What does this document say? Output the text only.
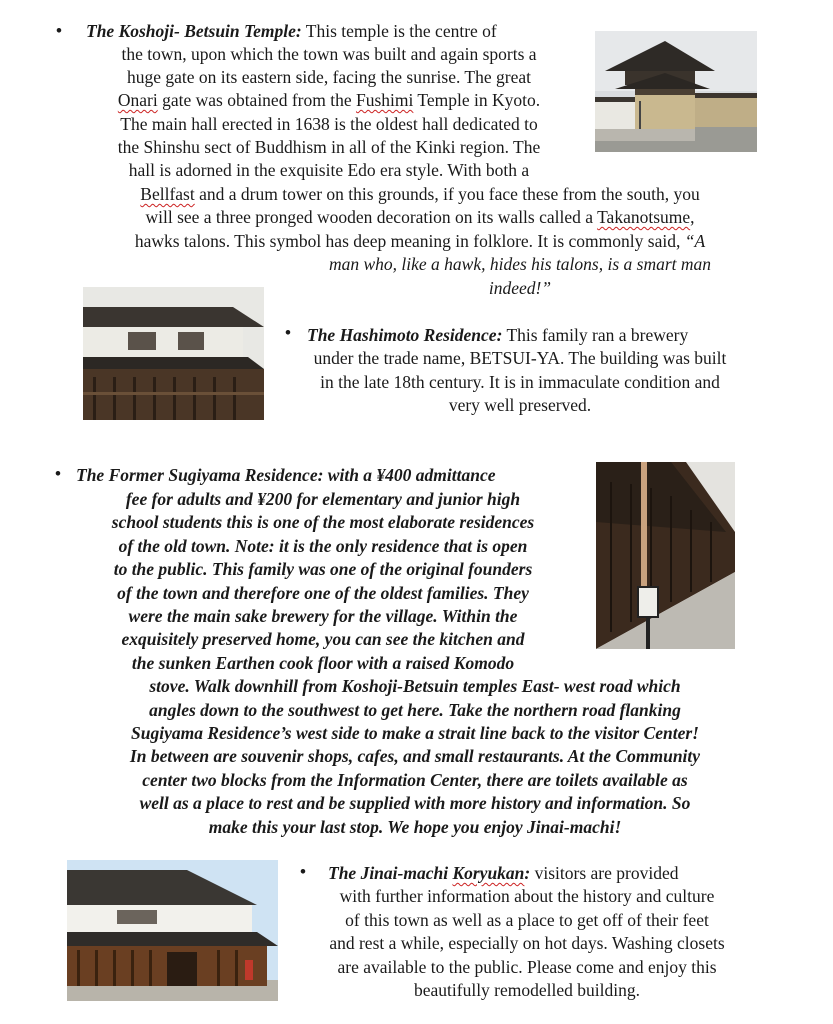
• The Koshoji- Betsuin Temple: This temple is the centre of
the town, upon which the town was built and again sports a
huge gate on its eastern side, facing the sunrise. The great
Onari gate was obtained from the Fushimi Temple in Kyoto.
The main hall erected in 1638 is the oldest hall dedicated to
the Shinshu sect of Buddhism in all of the Kinki region. The
hall is adorned in the exquisite Edo era style. With both a
Bellfast and a drum tower on this grounds, if you face these from the south, you
will see a three pronged wooden decoration on its walls called a Takanotsume,
hawks talons. This symbol has deep meaning in folklore. It is commonly said, “A
man who, like a hawk, hides his talons, is a smart man
indeed!”
• The Hashimoto Residence: This family ran a brewery
under the trade name, BETSUI-YA. The building was built
in the late 18th century. It is in immaculate condition and
very well preserved.
• The Former Sugiyama Residence: with a ¥400 admittance
fee for adults and ¥200 for elementary and junior high
school students this is one of the most elaborate residences
of the old town. Note: it is the only residence that is open
to the public. This family was one of the original founders
of the town and therefore one of the oldest families. They
were the main sake brewery for the village. Within the
exquisitely preserved home, you can see the kitchen and
the sunken Earthen cook floor with a raised Komodo
stove. Walk downhill from Koshoji-Betsuin temples East- west road which
angles down to the southwest to get here. Take the northern road flanking
Sugiyama Residence’s west side to make a strait line back to the visitor Center!
In between are souvenir shops, cafes, and small restaurants. At the Community
center two blocks from the Information Center, there are toilets available as
well as a place to rest and be supplied with more history and information. So
make this your last stop. We hope you enjoy Jinai-machi!
• The Jinai-machi Koryukan: visitors are provided
with further information about the history and culture
of this town as well as a place to get off of their feet
and rest a while, especially on hot days. Washing closets
are available to the public. Please come and enjoy this
beautifully remodelled building.
